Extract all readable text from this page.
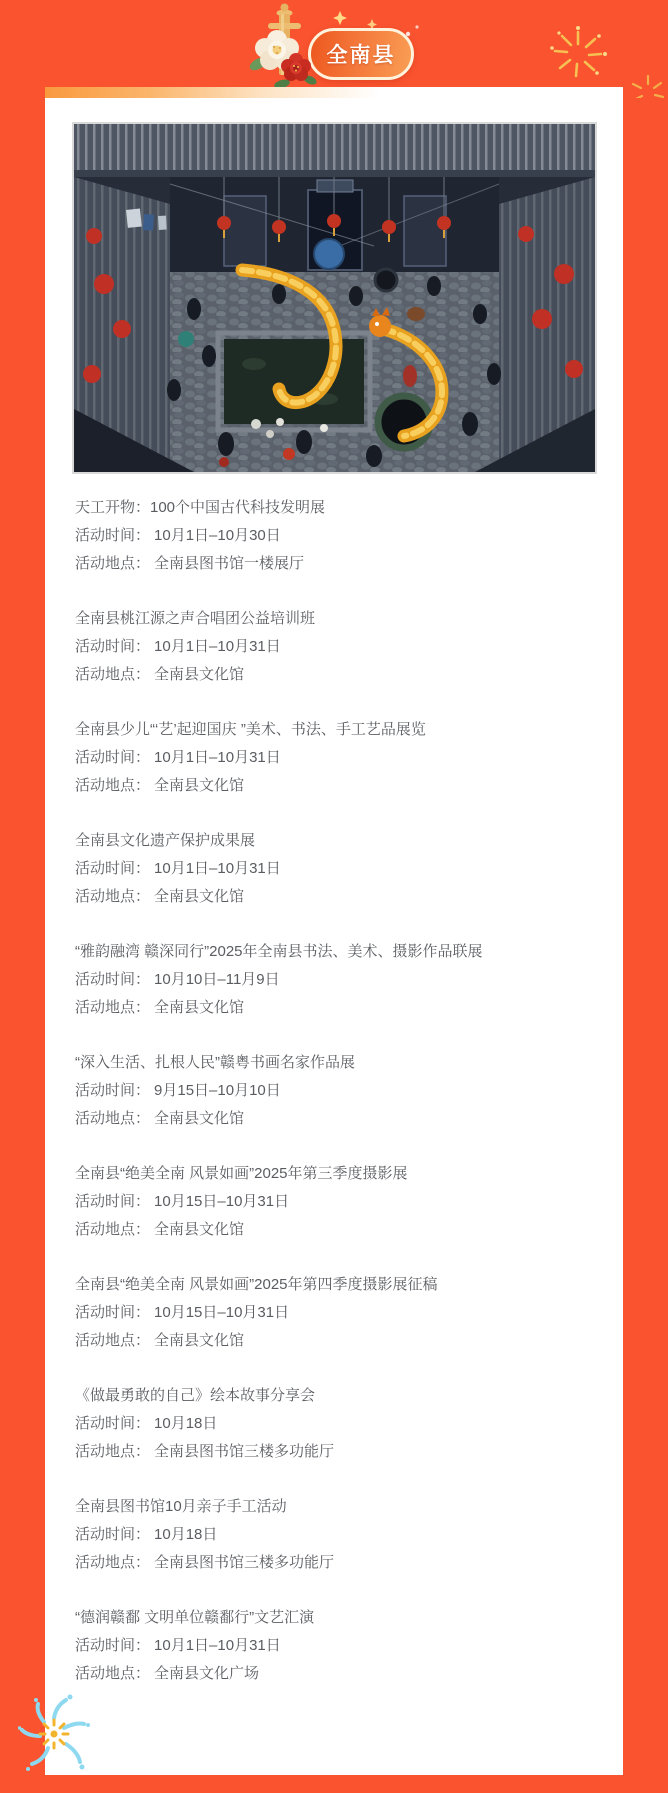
全南县
天工开物：100个中国古代科技发明展
活动时间： 10月1日–10月30日
活动地点： 全南县图书馆一楼展厅
全南县桃江源之声合唱团公益培训班
活动时间： 10月1日–10月31日
活动地点： 全南县文化馆
全南县少儿“‘艺’起迎国庆 ”美术、书法、手工艺品展览
活动时间： 10月1日–10月31日
活动地点： 全南县文化馆
全南县文化遗产保护成果展
活动时间： 10月1日–10月31日
活动地点： 全南县文化馆
“雅韵融湾 赣深同行”2025年全南县书法、美术、摄影作品联展
活动时间： 10月10日–11月9日
活动地点： 全南县文化馆
“深入生活、扎根人民”赣粤书画名家作品展
活动时间： 9月15日–10月10日
活动地点： 全南县文化馆
全南县“绝美全南 风景如画”2025年第三季度摄影展
活动时间： 10月15日–10月31日
活动地点： 全南县文化馆
全南县“绝美全南 风景如画”2025年第四季度摄影展征稿
活动时间： 10月15日–10月31日
活动地点： 全南县文化馆
《做最勇敢的自己》绘本故事分享会
活动时间： 10月18日
活动地点： 全南县图书馆三楼多功能厅
全南县图书馆10月亲子手工活动
活动时间： 10月18日
活动地点： 全南县图书馆三楼多功能厅
“德润赣鄱 文明单位赣鄱行”文艺汇演
活动时间： 10月1日–10月31日
活动地点： 全南县文化广场
